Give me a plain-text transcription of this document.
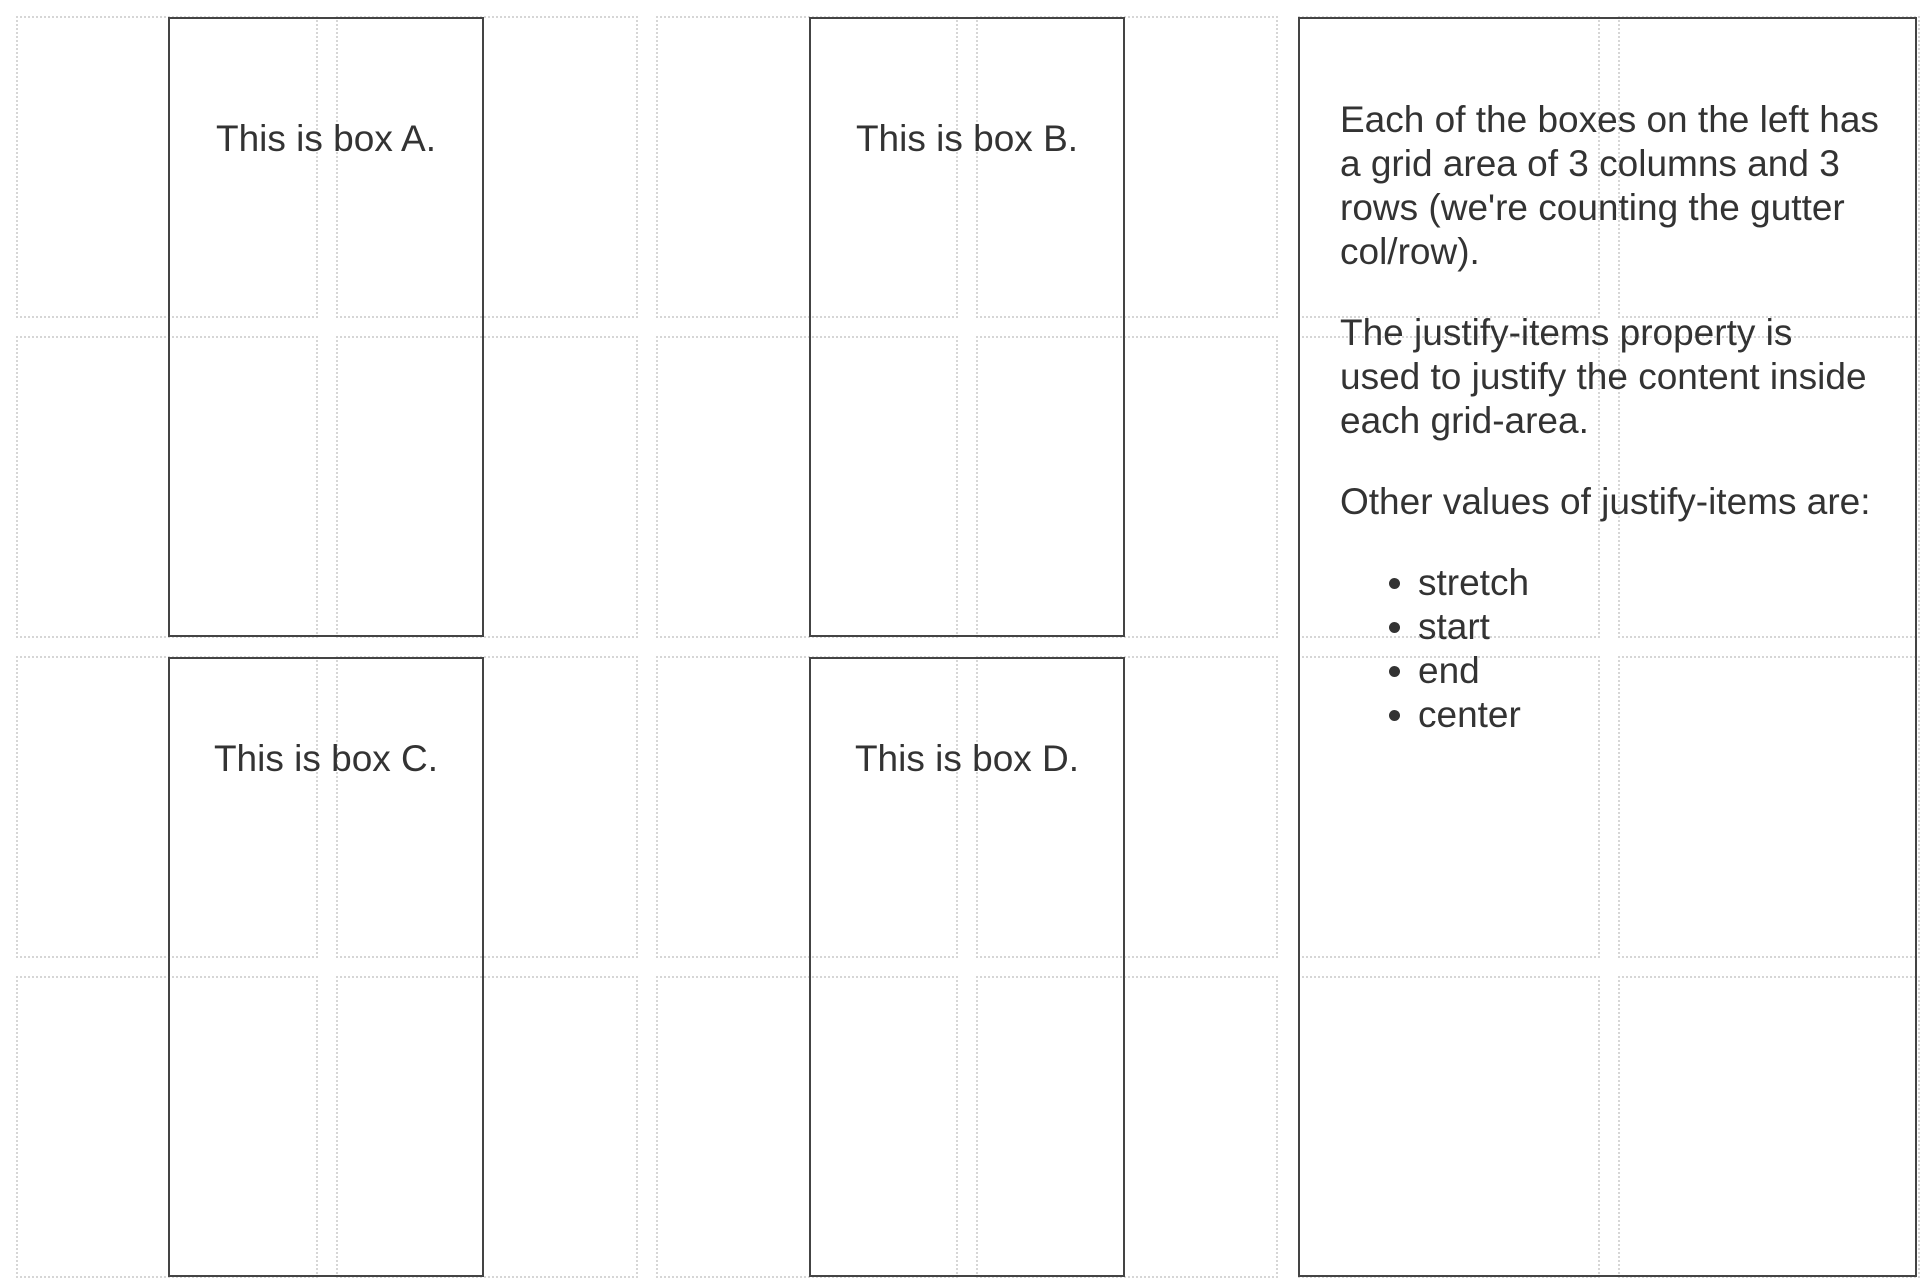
This is box A.	This is box B.

This is box C.	This is box D.

Each of the boxes on the left has a grid area of 3 columns and 3 rows (we're counting the gutter col/row).

The justify-items property is used to justify the content inside each grid-area.

Other values of justify-items are:

• stretch
• start
• end
• center
